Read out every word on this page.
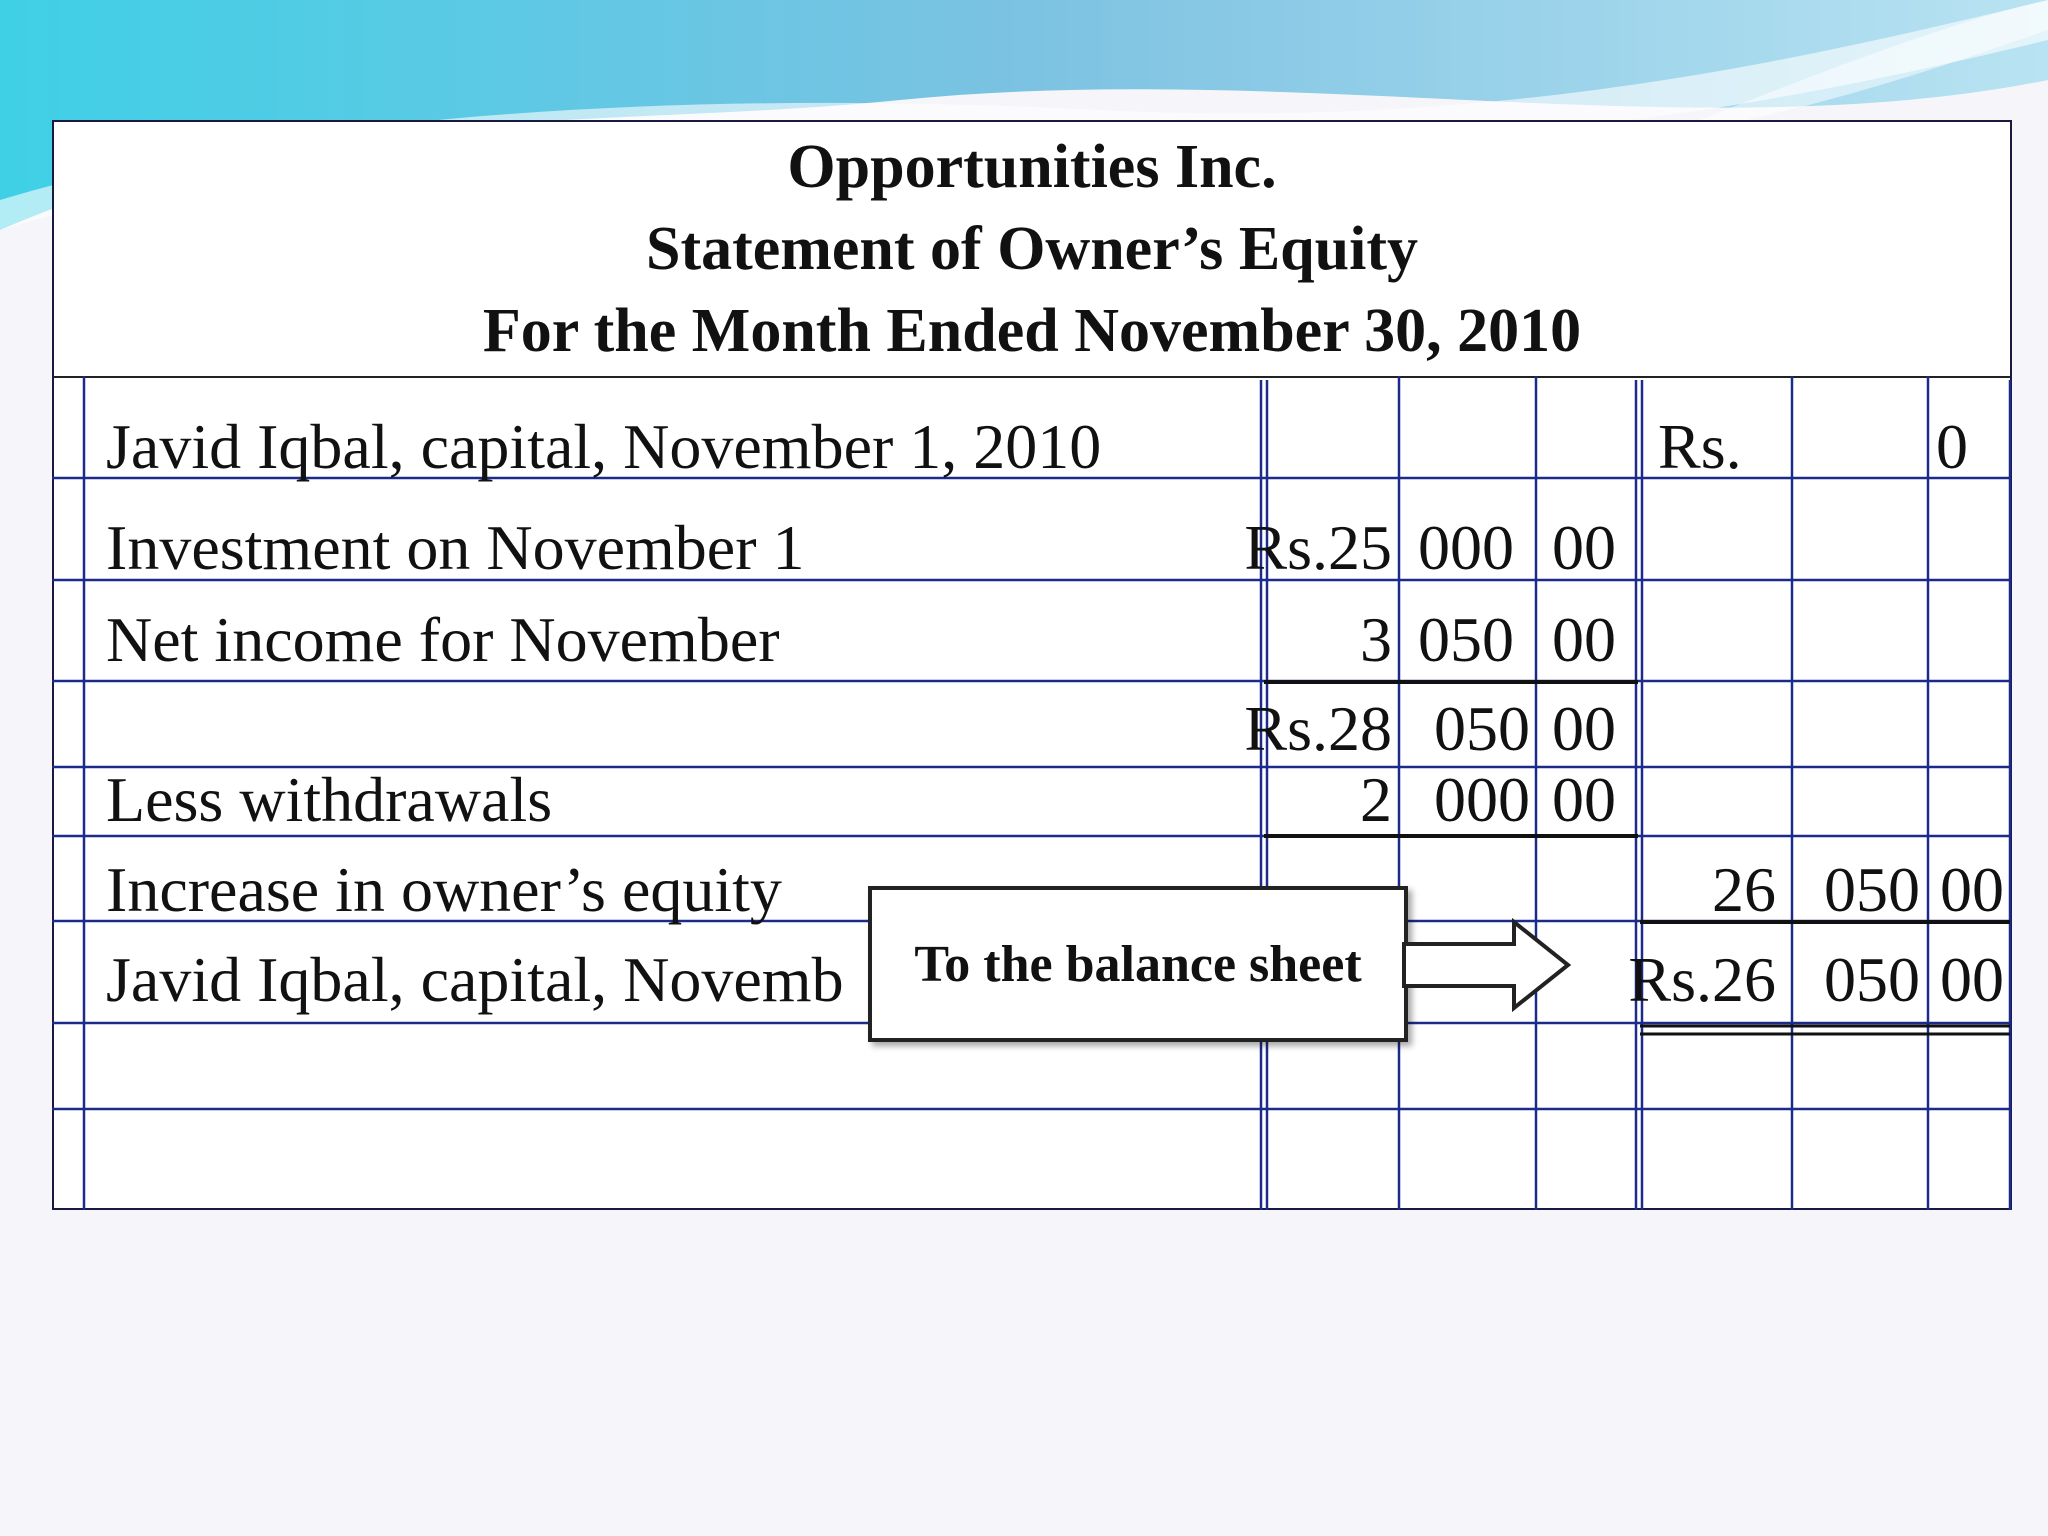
Opportunities Inc.
Statement of Owner’s Equity
For the Month Ended November 30, 2010
Javid Iqbal, capital, November 1, 2010
Investment on November 1
Net income for November
Less withdrawals
Increase in owner’s equity
Javid Iqbal, capital, Novemb
Rs.25 000 00
3 050 00
Rs.28 050 00
2 000 00
Rs.	0
26 050 00
Rs.26 050 00
To the balance sheet
